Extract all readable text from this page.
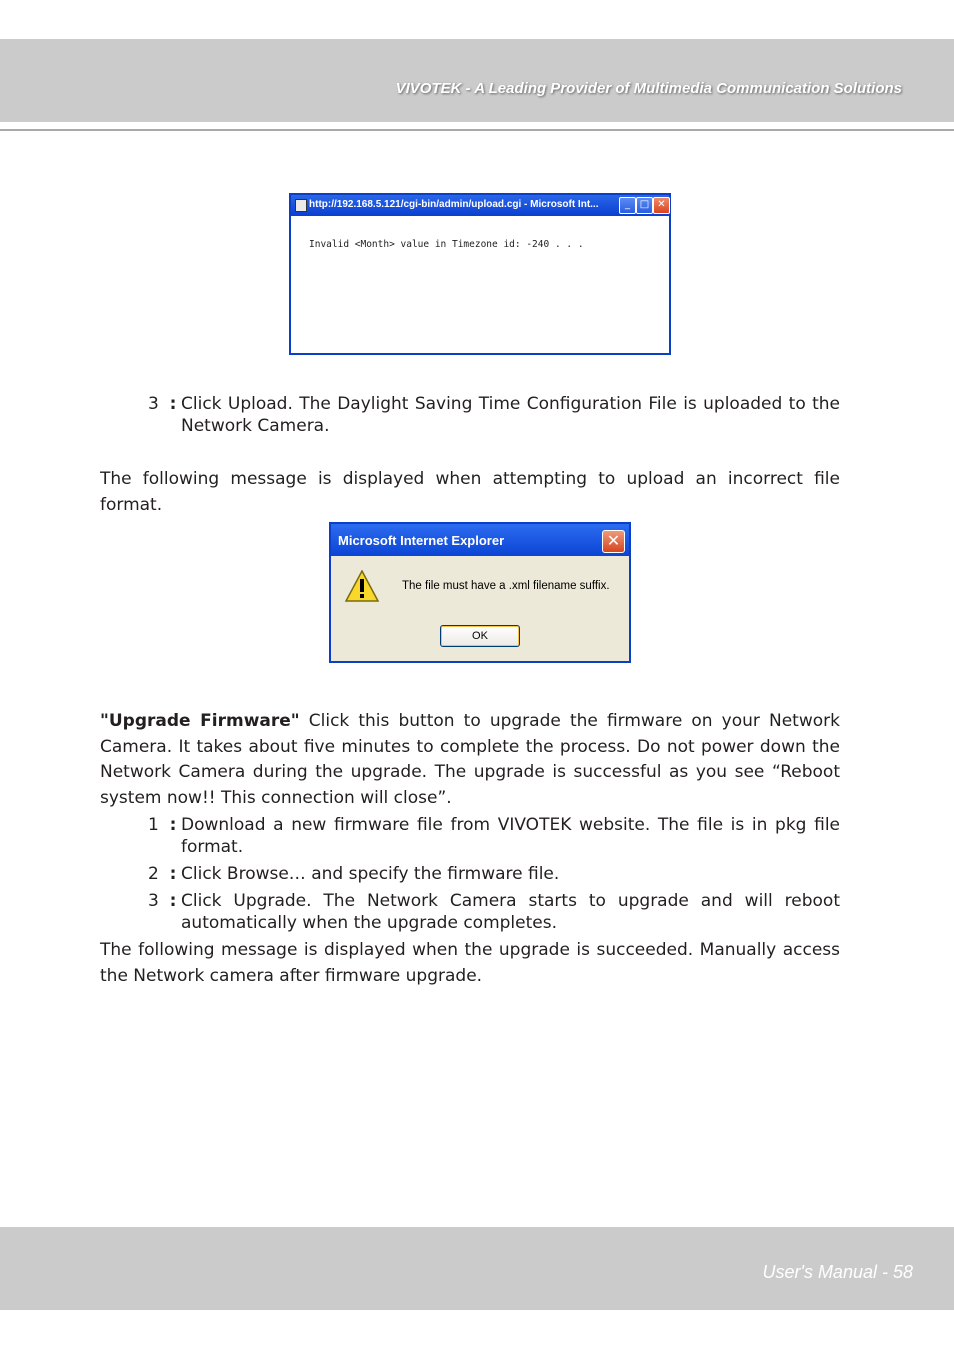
VIVOTEK - A Leading Provider of Multimedia Communication Solutions
http://192.168.5.121/cgi-bin/admin/upload.cgi - Microsoft Int...	_ □ ✕
Invalid <Month> value in Timezone id: -240 . . .
3 : Click Upload. The Daylight Saving Time Configuration File is uploaded to the Network Camera.
The following message is displayed when attempting to upload an incorrect file format.
Microsoft Internet Explorer	✕
The file must have a .xml filename suffix.
OK
"Upgrade Firmware" Click this button to upgrade the firmware on your Network Camera. It takes about five minutes to complete the process. Do not power down the Network Camera during the upgrade. The upgrade is successful as you see “Reboot system now!! This connection will close”.
1 : Download a new firmware file from VIVOTEK website. The file is in pkg file format.
2 : Click Browse… and specify the firmware file.
3 : Click Upgrade. The Network Camera starts to upgrade and will reboot automatically when the upgrade completes.
The following message is displayed when the upgrade is succeeded. Manually access the Network camera after firmware upgrade.
User's Manual - 58
